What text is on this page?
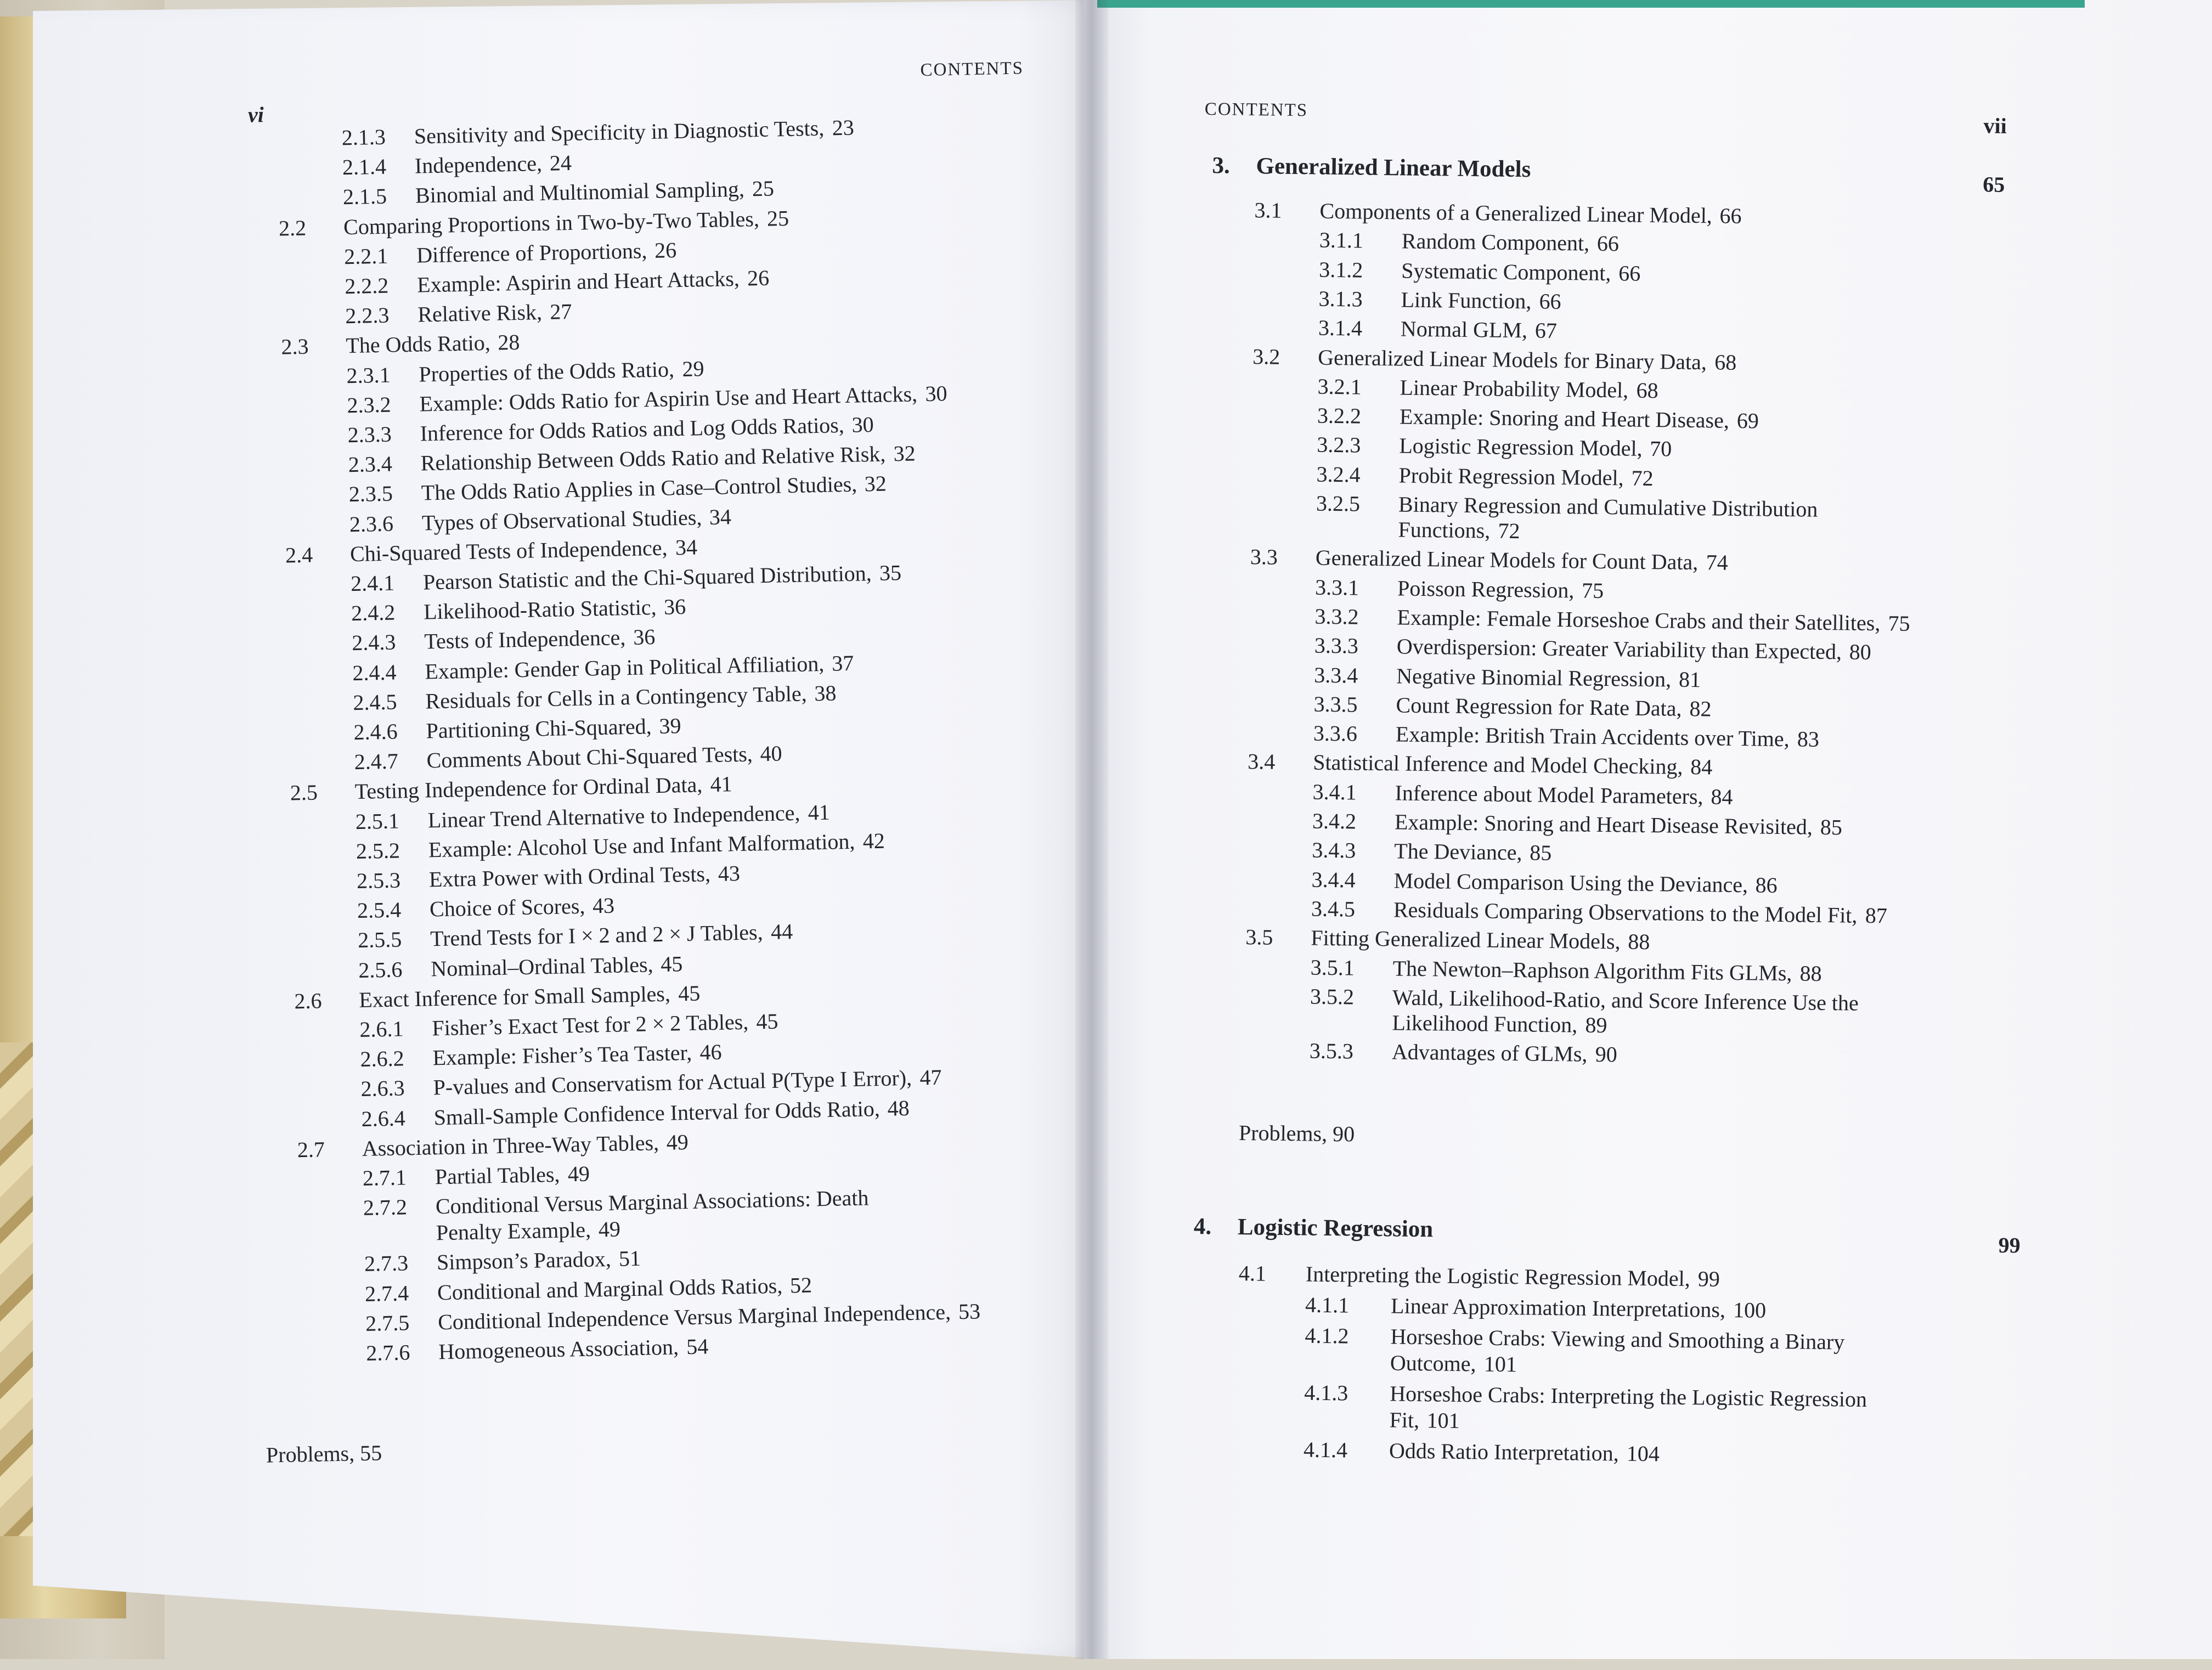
CONTENTS
vi
2.1.3 Sensitivity and Specificity in Diagnostic Tests, 23
2.1.4 Independence, 24
2.1.5 Binomial and Multinomial Sampling, 25
2.2 Comparing Proportions in Two-by-Two Tables, 25
2.2.1 Difference of Proportions, 26
2.2.2 Example: Aspirin and Heart Attacks, 26
2.2.3 Relative Risk, 27
2.3 The Odds Ratio, 28
2.3.1 Properties of the Odds Ratio, 29
2.3.2 Example: Odds Ratio for Aspirin Use and Heart Attacks, 30
2.3.3 Inference for Odds Ratios and Log Odds Ratios, 30
2.3.4 Relationship Between Odds Ratio and Relative Risk, 32
2.3.5 The Odds Ratio Applies in Case–Control Studies, 32
2.3.6 Types of Observational Studies, 34
2.4 Chi-Squared Tests of Independence, 34
2.4.1 Pearson Statistic and the Chi-Squared Distribution, 35
2.4.2 Likelihood-Ratio Statistic, 36
2.4.3 Tests of Independence, 36
2.4.4 Example: Gender Gap in Political Affiliation, 37
2.4.5 Residuals for Cells in a Contingency Table, 38
2.4.6 Partitioning Chi-Squared, 39
2.4.7 Comments About Chi-Squared Tests, 40
2.5 Testing Independence for Ordinal Data, 41
2.5.1 Linear Trend Alternative to Independence, 41
2.5.2 Example: Alcohol Use and Infant Malformation, 42
2.5.3 Extra Power with Ordinal Tests, 43
2.5.4 Choice of Scores, 43
2.5.5 Trend Tests for I × 2 and 2 × J Tables, 44
2.5.6 Nominal–Ordinal Tables, 45
2.6 Exact Inference for Small Samples, 45
2.6.1 Fisher’s Exact Test for 2 × 2 Tables, 45
2.6.2 Example: Fisher’s Tea Taster, 46
2.6.3 P-values and Conservatism for Actual P(Type I Error), 47
2.6.4 Small-Sample Confidence Interval for Odds Ratio, 48
2.7 Association in Three-Way Tables, 49
2.7.1 Partial Tables, 49
2.7.2 Conditional Versus Marginal Associations: Death
Penalty Example, 49
2.7.3 Simpson’s Paradox, 51
2.7.4 Conditional and Marginal Odds Ratios, 52
2.7.5 Conditional Independence Versus Marginal Independence, 53
2.7.6 Homogeneous Association, 54
Problems, 55
CONTENTS
vii
3. Generalized Linear Models
65
3.1 Components of a Generalized Linear Model, 66
3.1.1 Random Component, 66
3.1.2 Systematic Component, 66
3.1.3 Link Function, 66
3.1.4 Normal GLM, 67
3.2 Generalized Linear Models for Binary Data, 68
3.2.1 Linear Probability Model, 68
3.2.2 Example: Snoring and Heart Disease, 69
3.2.3 Logistic Regression Model, 70
3.2.4 Probit Regression Model, 72
3.2.5 Binary Regression and Cumulative Distribution
Functions, 72
3.3 Generalized Linear Models for Count Data, 74
3.3.1 Poisson Regression, 75
3.3.2 Example: Female Horseshoe Crabs and their Satellites, 75
3.3.3 Overdispersion: Greater Variability than Expected, 80
3.3.4 Negative Binomial Regression, 81
3.3.5 Count Regression for Rate Data, 82
3.3.6 Example: British Train Accidents over Time, 83
3.4 Statistical Inference and Model Checking, 84
3.4.1 Inference about Model Parameters, 84
3.4.2 Example: Snoring and Heart Disease Revisited, 85
3.4.3 The Deviance, 85
3.4.4 Model Comparison Using the Deviance, 86
3.4.5 Residuals Comparing Observations to the Model Fit, 87
3.5 Fitting Generalized Linear Models, 88
3.5.1 The Newton–Raphson Algorithm Fits GLMs, 88
3.5.2 Wald, Likelihood-Ratio, and Score Inference Use the
Likelihood Function, 89
3.5.3 Advantages of GLMs, 90
Problems, 90
4. Logistic Regression
99
4.1 Interpreting the Logistic Regression Model, 99
4.1.1 Linear Approximation Interpretations, 100
4.1.2 Horseshoe Crabs: Viewing and Smoothing a Binary
Outcome, 101
4.1.3 Horseshoe Crabs: Interpreting the Logistic Regression
Fit, 101
4.1.4 Odds Ratio Interpretation, 104
